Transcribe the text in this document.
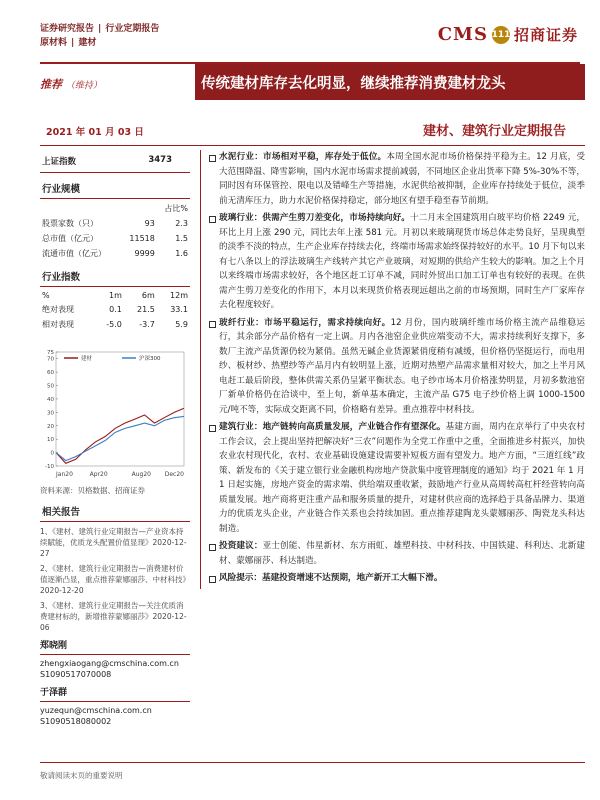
证券研究报告 | 行业定期报告
原材料 | 建材	CMS 111 招商证券
推荐 （维持）	传统建材库存去化明显，继续推荐消费建材龙头
2021 年 01 月 03 日	建材、建筑行业定期报告
上证指数	3473
行业规模
		占比%
股票家数（只）	93	2.3
总市值（亿元）	11518	1.5
流通市值（亿元）	9999	1.6
行业指数
%	1m	6m	12m
绝对表现	0.1	21.5	33.1
相对表现	-5.0	-3.7	5.9
-10
0
10
20
30
40
50
60
70
75
Jan20	Apr20	Aug20 Dec20
建材	沪深300
资料来源：贝格数据、招商证券
相关报告

1、《建材、建筑行业定期报告—产业资本持续賦能，优质龙头配置价值显现》2020-12-27

2、《建材、建筑行业定期报告—消费建材价值逐渐凸显，重点推荐蒙娜丽莎、中材科技》2020-12-20

3、《建材、建筑行业定期报告—关注优质消费建材标的，新增推荐蒙娜丽莎》2020-12-06

郑晓刚
zhengxiaogang@cmschina.com.cn
S1090517070008
于泽群
yuzequn@cmschina.com.cn
S1090518080002
水泥行业：市场相对平稳，库存处于低位。本周全国水泥市场价格保持平稳为主。12 月底，受大范围降温、降雪影响，国内水泥市场需求提前减弱，不同地区企业出货率下降 5%-30%不等，同时因有环保管控、限电以及错峰生产等措施，水泥供给被抑制，企业库存持续处于低位，淡季前无清库压力，助力水泥价格保持稳定，部分地区有望手稳至春节前期。
玻璃行业：供需产生剪刀差变化，市场持续向好。十二月末全国建筑用白玻平均价格 2249 元，环比上月上涨 290 元，同比去年上涨 581 元。月初以来玻璃现货市场总体走势良好，呈现典型的淡季不淡的特点，生产企业库存持续去化，终端市场需求始终保持较好的水平。10 月下旬以来有七八条以上的浮法玻璃生产线转产其它产业玻璃，对短期的供给产生较大的影响。加之上个月以来终端市场需求较好，各个地区赶工订单不减，同时外贸出口加工订单也有较好的表现。在供需产生剪刀差变化的作用下，本月以来现货价格表现远超出之前的市场预期，同时生产厂家库存去化程度较好。
玻纤行业：市场平稳运行，需求持续向好。12 月份，国内玻璃纤维市场价格主流产品维稳运行，其余部分产品价格有一定上调。月内各池窑企业供应端变动不大，需求持续利好支撑下，多数厂主流产品货源仍较为紧俏。虽然无碱企业货源紧俏度稍有减缓，但价格仍坚挺运行，而电用纱、板材纱、热塑纱等产品月内有较明显上涨，近期对热塑产品需求量相对较大，加之上半月风电赶工最后阶段，整体供需关系仍呈紧平衡状态。电子纱市场本月价格涨势明显，月初多数池窑厂新单价格仍在洽谈中，至上旬，新单基本确定，主流产品 G75 电子纱价格上调 1000-1500 元/吨不等，实际成交距离不同，价格略有差异。重点推荐中材科技。
建筑行业：地产链转向高质量发展，产业链合作有望深化。基建方面，周内在京举行了中央农村工作会议，会上提出坚持把解决好“三农”问题作为全党工作重中之重，全面推进乡村振兴，加快农业农村现代化，农村、农业基础设施建设需要补短板方面有望发力。地产方面，“三道红线”政策、新发布的《关于建立银行业金融机构房地产贷款集中度管理制度的通知》均于 2021 年 1 月 1 日起实施，房地产资金的需求端、供给端双重收紧，鼓励地产行业从高周转高杠杆经营转向高质量发展。地产商将更注重产品和服务质量的提升，对建材供应商的选择趋于具备品牌力、渠道力的优质龙头企业，产业链合作关系也会持续加固。重点推荐建陶龙头蒙娜丽莎、陶瓷龙头科达制造。
投资建议：亚士创能、伟星新材、东方雨虹、雄塑科技、中材科技、中国铁建、科利达、北新建材、蒙娜丽莎、科达制造。
风险提示：基建投资增速不达预期，地产新开工大幅下滑。
敬请阅读末页的重要说明
